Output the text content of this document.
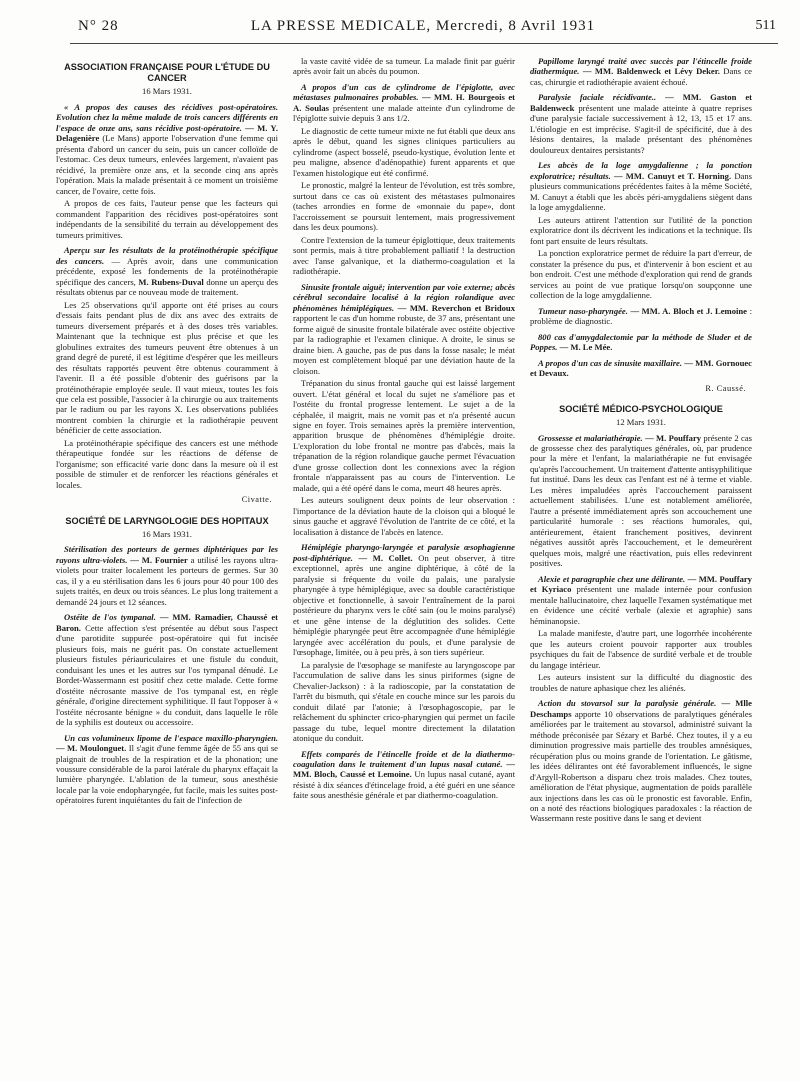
N° 28	LA PRESSE MEDICALE, Mercredi, 8 Avril 1931	511
ASSOCIATION FRANÇAISE POUR L'ÉTUDE DU CANCER
16 Mars 1931.

« A propos des causes des récidives post-opératoires. Evolution chez la même malade de trois cancers différents en l'espace de onze ans, sans récidive post-opératoire. — M. Y. Delagenière (Le Mans) apporte l'observation d'une femme qui présenta d'abord un cancer du sein, puis un cancer colloïde de l'estomac. Ces deux tumeurs, enlevées largement, n'avaient pas récidivé, la première onze ans, et la seconde cinq ans après l'opération. Mais la malade présentait à ce moment un troisième cancer, de l'ovaire, cette fois.

A propos de ces faits, l'auteur pense que les facteurs qui commandent l'apparition des récidives post-opératoires sont indépendants de la sensibilité du terrain au développement des tumeurs primitives.

Aperçu sur les résultats de la protéinothérapie spécifique des cancers. — Après avoir, dans une communication précédente, exposé les fondements de la protéinothérapie spécifique des cancers, M. Rubens-Duval donne un aperçu des résultats obtenus par ce nouveau mode de traitement.

Les 25 observations qu'il apporte ont été prises au cours d'essais faits pendant plus de dix ans avec des extraits de tumeurs diversement préparés et à des doses très variables. Maintenant que la technique est plus précise et que les globulines extraites des tumeurs peuvent être obtenues à un grand degré de pureté, il est légitime d'espérer que les meilleurs des résultats rapportés peuvent être obtenus couramment à l'avenir. Il a été possible d'obtenir des guérisons par la protéinothérapie employée seule. Il vaut mieux, toutes les fois que cela est possible, l'associer à la chirurgie ou aux traitements par le radium ou par les rayons X. Les observations publiées montrent combien la chirurgie et la radiothérapie peuvent bénéficier de cette association.

La protéinothérapie spécifique des cancers est une méthode thérapeutique fondée sur les réactions de défense de l'organisme; son efficacité varie donc dans la mesure où il est possible de stimuler et de renforcer les réactions générales et locales.

Civatte.
SOCIÉTÉ DE LARYNGOLOGIE DES HOPITAUX
16 Mars 1931.

Stérilisation des porteurs de germes diphtériques par les rayons ultra-violets. — M. Fournier a utilisé les rayons ultra-violets pour traiter localement les porteurs de germes. Sur 30 cas, il y a eu stérilisation dans les 6 jours pour 40 pour 100 des sujets traités, en deux ou trois séances. Le plus long traitement a demandé 24 jours et 12 séances.

Ostéite de l'os tympanal. — MM. Ramadier, Chaussé et Baron. Cette affection s'est présentée au début sous l'aspect d'une parotidite suppurée post-opératoire qui fut incisée plusieurs fois, mais ne guérit pas. On constate actuellement plusieurs fistules périauriculaires et une fistule du conduit, conduisant les unes et les autres sur l'os tympanal dénudé. Le Bordet-Wassermann est positif chez cette malade. Cette forme d'ostéite nécrosante massive de l'os tympanal est, en règle générale, d'origine directement syphilitique. Il faut l'opposer à « l'ostéite nécrosante bénigne » du conduit, dans laquelle le rôle de la syphilis est douteux ou accessoire.

Un cas volumineux lipome de l'espace maxillo-pharyngien. — M. Moulonguet. Il s'agit d'une femme âgée de 55 ans qui se plaignait de troubles de la respiration et de la phonation; une voussure considérable de la paroi latérale du pharynx effaçait la lumière pharyngée. L'ablation de la tumeur, sous anesthésie locale par la voie endopharyngée, fut facile, mais les suites post-opératoires furent inquiétantes du fait de l'infection de

la vaste cavité vidée de sa tumeur. La malade finit par guérir après avoir fait un abcès du poumon.

A propos d'un cas de cylindrome de l'épiglotte, avec métastases pulmonaires probables. — MM. H. Bourgeois et A. Soulas présentent une malade atteinte d'un cylindrome de l'épiglotte suivie depuis 3 ans 1/2.

Le diagnostic de cette tumeur mixte ne fut établi que deux ans après le début, quand les signes cliniques particuliers au cylindrome (aspect bosselé, pseudo-kystique, évolution lente et peu maligne, absence d'adénopathie) furent apparents et que l'examen histologique eut été confirmé.

Le pronostic, malgré la lenteur de l'évolution, est très sombre, surtout dans ce cas où existent des métastases pulmonaires (taches arrondies en forme de «monnaie du pape», dont l'accroissement se poursuit lentement, mais progressivement dans les deux poumons).

Contre l'extension de la tumeur épiglottique, deux traitements sont permis, mais à titre probablement palliatif ! la destruction avec l'anse galvanique, et la diathermo-coagulation et la radiothérapie.

Sinusite frontale aiguë; intervention par voie externe; abcès cérébral secondaire localisé à la région rolandique avec phénomènes hémiplégiques. — MM. Reverchon et Bridoux rapportent le cas d'un homme robuste, de 37 ans, présentant une forme aiguë de sinusite frontale bilatérale avec ostéite objective par la radiographie et l'examen clinique. A droite, le sinus se draine bien. A gauche, pas de pus dans la fosse nasale; le méat moyen est complètement bloqué par une déviation haute de la cloison.

Trépanation du sinus frontal gauche qui est laissé largement ouvert. L'état général et local du sujet ne s'améliore pas et l'ostéite du frontal progresse lentement. Le sujet a de la céphalée, il maigrit, mais ne vomit pas et n'a présenté aucun signe en foyer. Trois semaines après la première intervention, apparition brusque de phénomènes d'hémiplégie droite. L'exploration du lobe frontal ne montre pas d'abcès, mais la trépanation de la région rolandique gauche permet l'évacuation d'une grosse collection dont les connexions avec la région frontale n'apparaissent pas au cours de l'intervention. Le malade, qui a été opéré dans le coma, meurt 48 heures après.

Les auteurs soulignent deux points de leur observation : l'importance de la déviation haute de la cloison qui a bloqué le sinus gauche et aggravé l'évolution de l'antrite de ce côté, et la localisation à distance de l'abcès en latence.

Hémiplégie pharyngo-laryngée et paralysie œsophagienne post-diphtérique. — M. Collet. On peut observer, à titre exceptionnel, après une angine diphtérique, à côté de la paralysie si fréquente du voile du palais, une paralysie pharyngée à type hémiplégique, avec sa double caractéristique objective et fonctionnelle, à savoir l'entraînement de la paroi postérieure du pharynx vers le côté sain (ou le moins paralysé) et une gêne intense de la déglutition des solides. Cette hémiplégie pharyngée peut être accompagnée d'une hémiplégie laryngée avec accélération du pouls, et d'une paralysie de l'œsophage, limitée, ou à peu près, à son tiers supérieur.

La paralysie de l'œsophage se manifeste au laryngoscope par l'accumulation de salive dans les sinus piriformes (signe de Chevalier-Jackson) : à la radioscopie, par la constatation de l'arrêt du bismuth, qui s'étale en couche mince sur les parois du conduit dilaté par l'atonie; à l'œsophagoscopie, par le relâchement du sphincter crico-pharyngien qui permet un facile passage du tube, lequel montre directement la dilatation atonique du conduit.

Effets comparés de l'étincelle froide et de la diathermo-coagulation dans le traitement d'un lupus nasal cutané. — MM. Bloch, Caussé et Lemoine. Un lupus nasal cutané, ayant résisté à dix séances d'étincelage froid, a été guéri en une séance faite sous anesthésie générale et par diathermo-coagulation.

Papillome laryngé traité avec succès par l'étincelle froide diathermique. — MM. Baldenweck et Lévy Deker. Dans ce cas, chirurgie et radiothérapie avaient échoué.

Paralysie faciale récidivante.. — MM. Gaston et Baldenweck présentent une malade atteinte à quatre reprises d'une paralysie faciale successivement à 12, 13, 15 et 17 ans. L'étiologie en est imprécise. S'agit-il de spécificité, due à des lésions dentaires, la malade présentant des phénomènes douloureux dentaires persistants?

Les abcès de la loge amygdalienne ; la ponction exploratrice; résultats. — MM. Canuyt et T. Horning. Dans plusieurs communications précédentes faites à la même Société, M. Canuyt a établi que les abcès péri-amygdaliens siègent dans la loge amygdalienne.

Les auteurs attirent l'attention sur l'utilité de la ponction exploratrice dont ils décrivent les indications et la technique. Ils font part ensuite de leurs résultats.

La ponction exploratrice permet de réduire la part d'erreur, de constater la présence du pus, et d'intervenir à bon escient et au bon endroit. C'est une méthode d'exploration qui rend de grands services au point de vue pratique lorsqu'on soupçonne une collection de la loge amygdalienne.

Tumeur naso-pharyngée. — MM. A. Bloch et J. Lemoine : problème de diagnostic.

800 cas d'amygdalectomie par la méthode de Sluder et de Poppes. — M. Le Mée.

A propos d'un cas de sinusite maxillaire. — MM. Gornouec et Devaux.

R. Caussé.
SOCIÉTÉ MÉDICO-PSYCHOLOGIQUE
12 Mars 1931.

Grossesse et malariathérapie. — M. Pouffary présente 2 cas de grossesse chez des paralytiques générales, où, par prudence pour la mère et l'enfant, la malariathérapie ne fut envisagée qu'après l'accouchement. Un traitement d'attente antisyphilitique fut institué. Dans les deux cas l'enfant est né à terme et viable. Les mères impaludées après l'accouchement paraissent actuellement stabilisées. L'une est notablement améliorée, l'autre a présenté immédiatement après son accouchement une particularité humorale : ses réactions humorales, qui, antérieurement, étaient franchement positives, devinrent négatives aussitôt après l'accouchement, et le demeurèrent quelques mois, malgré une réactivation, puis elles redevinrent positives.

Alexie et paragraphie chez une délirante. — MM. Pouffary et Kyriaco présentent une malade internée pour confusion mentale hallucinatoire, chez laquelle l'examen systématique met en évidence une cécité verbale (alexie et agraphie) sans héminanopsie.

La malade manifeste, d'autre part, une logorrhée incohérente que les auteurs croient pouvoir rapporter aux troubles psychiques du fait de l'absence de surdité verbale et de trouble du langage intérieur.

Les auteurs insistent sur la difficulté du diagnostic des troubles de nature aphasique chez les aliénés.

Action du stovarsol sur la paralysie générale. — Mlle Deschamps apporte 10 observations de paralytiques générales améliorées par le traitement au stovarsol, administré suivant la méthode préconisée par Sézary et Barbé. Chez toutes, il y a eu diminution progressive mais partielle des troubles amnésiques, récupération plus ou moins grande de l'orientation. Le gâtisme, les idées délirantes ont été favorablement influencés, le signe d'Argyll-Robertson a disparu chez trois malades. Chez toutes, amélioration de l'état physique, augmentation de poids parallèle aux injections dans les cas où le pronostic est favorable. Enfin, on a noté des réactions biologiques paradoxales : la réaction de Wassermann reste positive dans le sang et devient
